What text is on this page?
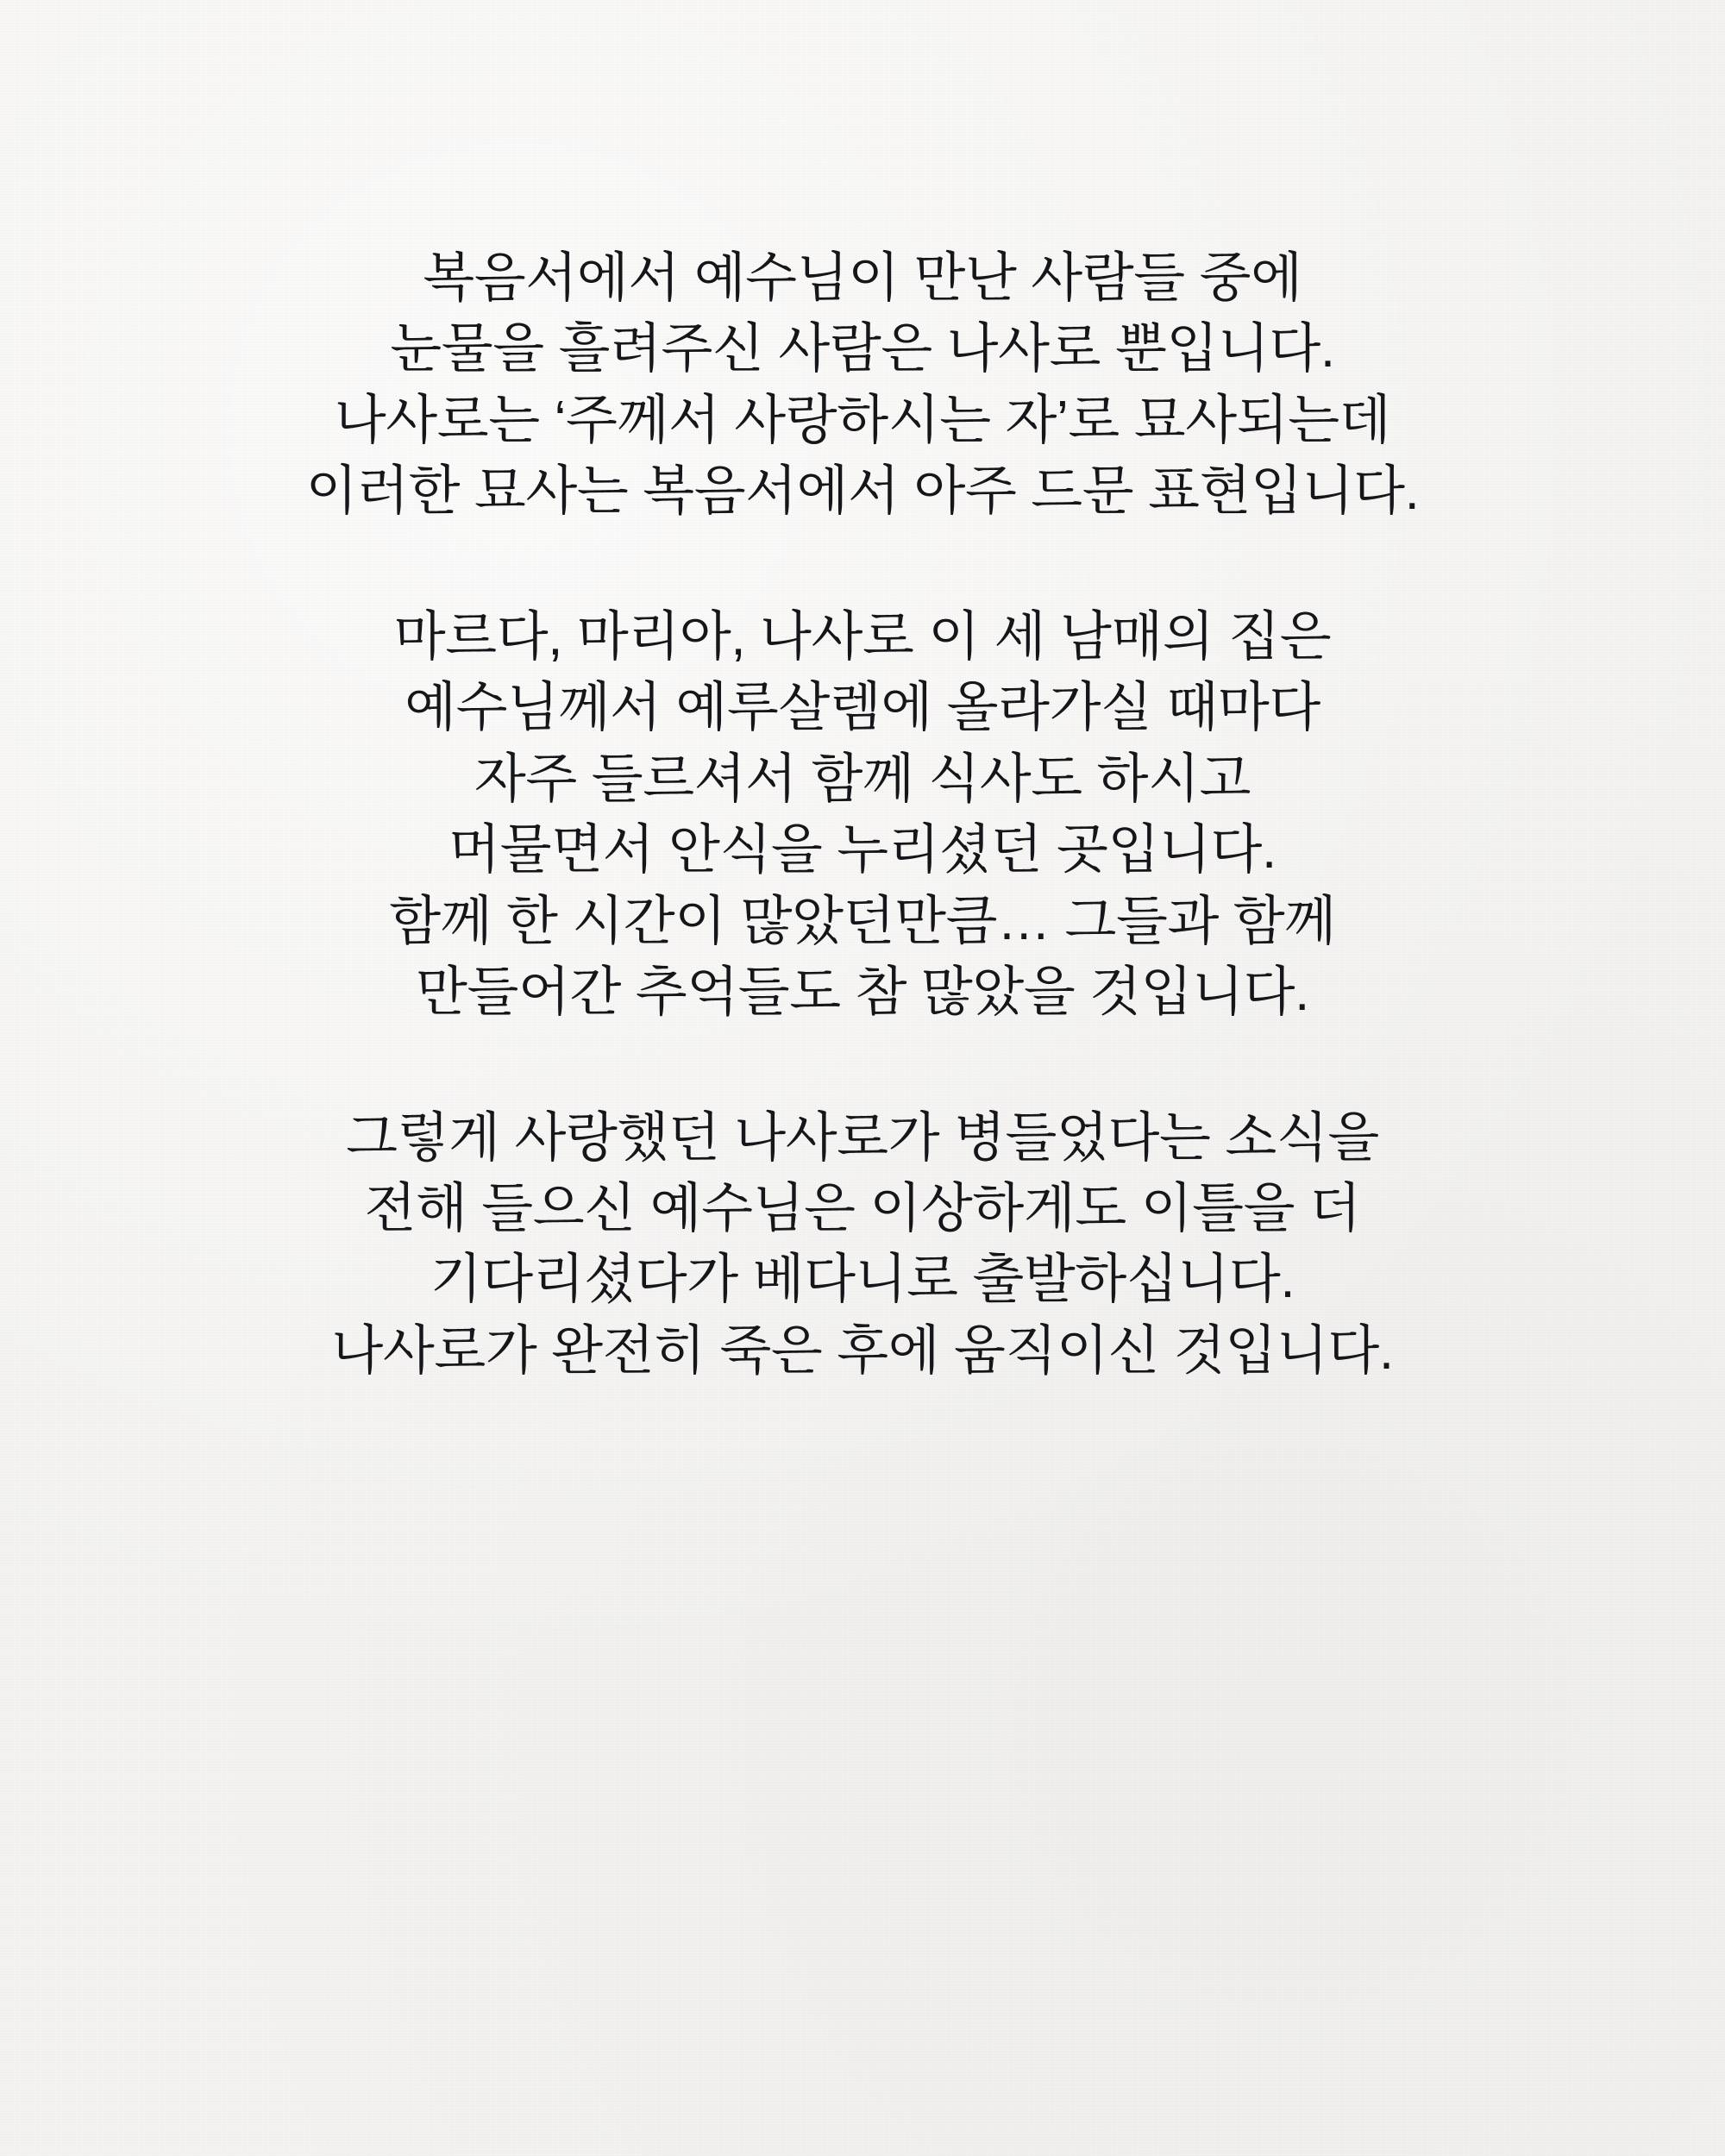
복음서에서 예수님이 만난 사람들 중에
눈물을 흘려주신 사람은 나사로 뿐입니다.
나사로는 ‘주께서 사랑하시는 자’로 묘사되는데
이러한 묘사는 복음서에서 아주 드문 표현입니다.

마르다, 마리아, 나사로 이 세 남매의 집은
예수님께서 예루살렘에 올라가실 때마다
자주 들르셔서 함께 식사도 하시고
머물면서 안식을 누리셨던 곳입니다.
함께 한 시간이 많았던만큼… 그들과 함께
만들어간 추억들도 참 많았을 것입니다.

그렇게 사랑했던 나사로가 병들었다는 소식을
전해 들으신 예수님은 이상하게도 이틀을 더
기다리셨다가 베다니로 출발하십니다.
나사로가 완전히 죽은 후에 움직이신 것입니다.
